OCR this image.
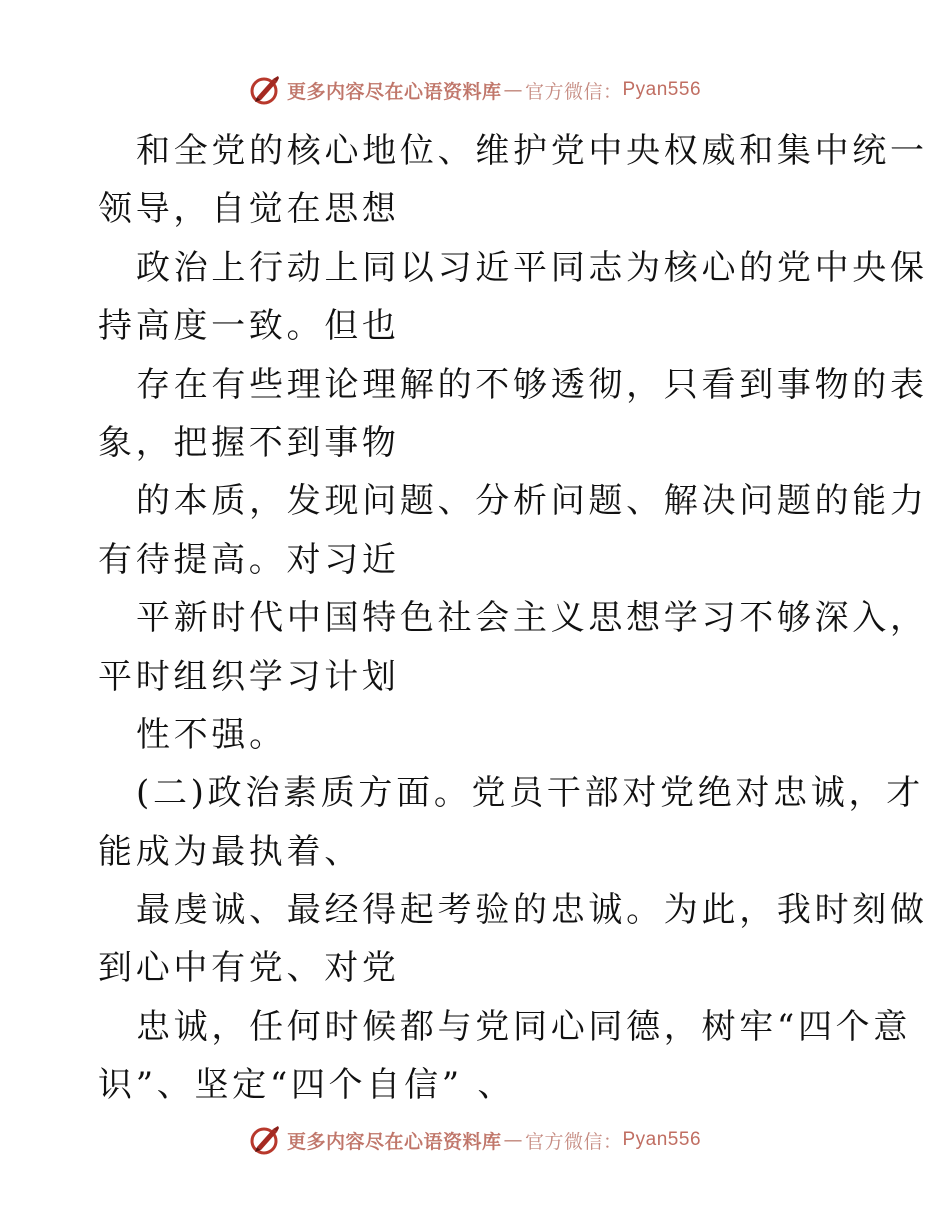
更多内容尽在心语资料库 — 官方微信： Pyan556
和全党的核心地位、维护党中央权威和集中统一
领导，自觉在思想
政治上行动上同以习近平同志为核心的党中央保
持高度一致。但也
存在有些理论理解的不够透彻，只看到事物的表
象，把握不到事物
的本质，发现问题、分析问题、解决问题的能力
有待提高。对习近
平新时代中国特色社会主义思想学习不够深入，
平时组织学习计划
性不强。
(二)政治素质方面。党员干部对党绝对忠诚，才
能成为最执着、
最虔诚、最经得起考验的忠诚。为此，我时刻做
到心中有党、对党
忠诚，任何时候都与党同心同德，树牢“四个意
识”、坚定“四个自信” 、
更多内容尽在心语资料库 — 官方微信： Pyan556
